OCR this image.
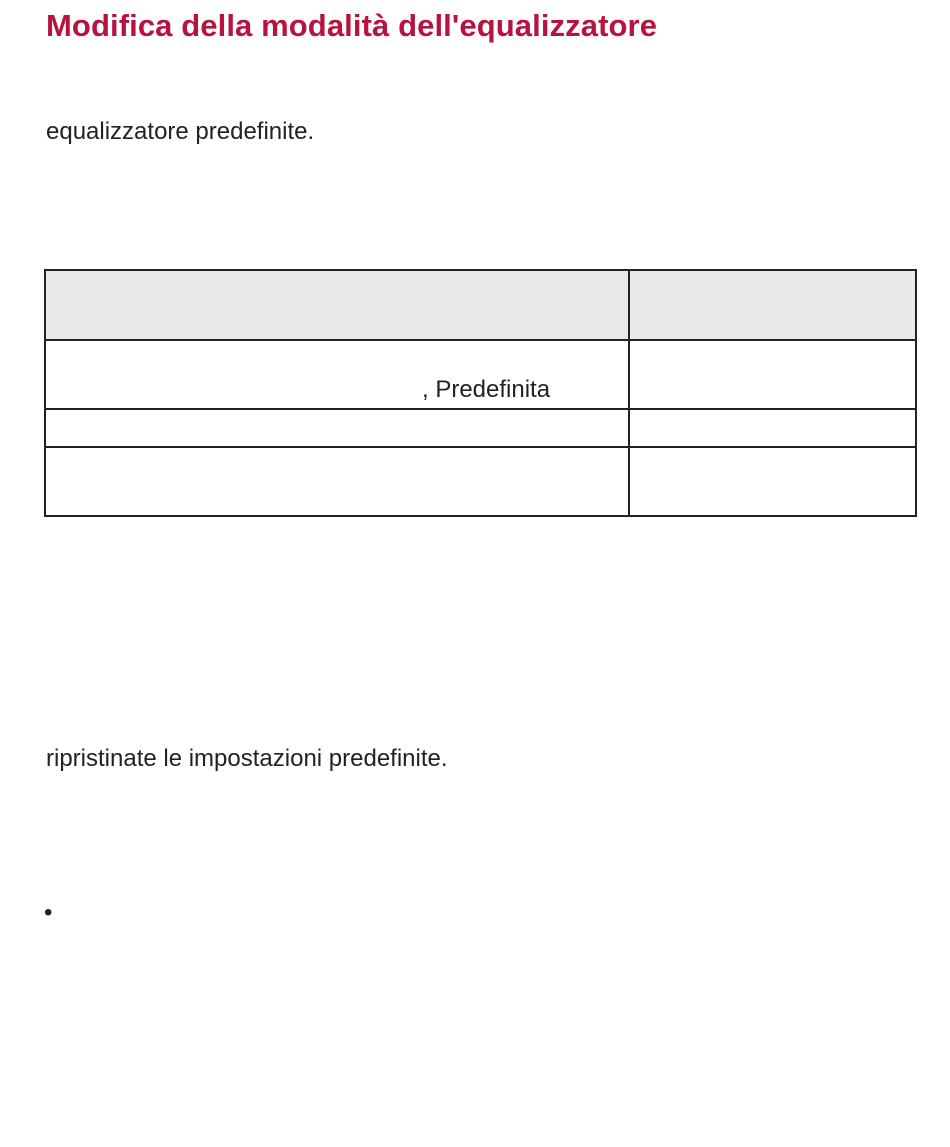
Modifica della modalità dell'equalizzatore

equalizzatore predefinite.

, Predefinita	

ripristinate le impostazioni predefinite.

•
